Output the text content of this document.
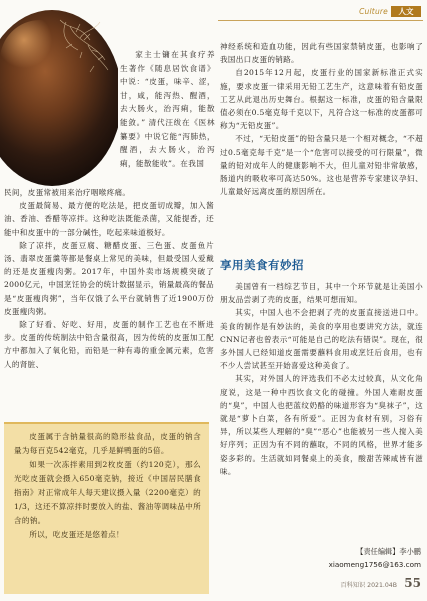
Culture	人文

家主士镛在其食疗养生著作《随息居饮食谱》中说：“皮蛋，味辛、涩，甘，咸，能泻热、醒酒，去大肠火，治泻痢，能散能敛。” 清代汪绂在《医林纂要》中说它能“泻肺热，醒酒，去大肠火，治泻痢，能散能收”。在我国

民间，皮蛋常被用来治疗咽喉疼痛。

皮蛋最简易、最方便的吃法是，把皮蛋切成瓣，加入酱油、香油、香醋等凉拌。这种吃法既能杀菌，又能提香，还能中和皮蛋中的一部分碱性，吃起来味道极好。

除了凉拌，皮蛋豆腐、糖醋皮蛋、三色蛋、皮蛋鱼片汤、翡翠皮蛋羹等都是餐桌上常见的美味，但最受国人爱戴的还是皮蛋瘦肉粥。2017年，中国外卖市场规模突破了2000亿元，中国烹饪协会的统计数据显示，销量最高的餐品是“皮蛋瘦肉粥”，当年仅饿了么平台就销售了近1900万份皮蛋瘦肉粥。

除了好看、好吃、好用，皮蛋的制作工艺也在不断进步。皮蛋的传统制法中铅含量很高，因为传统的皮蛋加工配方中都加入了氧化铅，而铅是一种有毒的重金属元素，危害人的肾脏、

皮蛋属于含钠量很高的隐形盐食品，皮蛋的钠含量为每百克542毫克，几乎是鲜鸭蛋的5倍。

如果一次冻拌素用到2枚皮蛋（约120克），那么光吃皮蛋就会摄入650毫克钠，接近《中国居民膳食指南》对正常成年人每天建议摄入量（2200毫克）的1/3，这还不算凉拌时要放入的盐、酱油等调味品中所含的钠。

所以，吃皮蛋还是悠着点！

神经系统和造血功能，因此有些国家禁销皮蛋，也影响了我国出口皮蛋的销路。

自2015年12月起，皮蛋行业的国家新标准正式实施，要求皮蛋一律采用无铅工艺生产，这意味着有铅皮蛋工艺从此退出历史舞台。根据这一标准，皮蛋的铅含量限值必须在0.5毫克每千克以下，凡符合这一标准的皮蛋都可称为“无铅皮蛋”。

不过，“无铅皮蛋”的铅含量只是一个相对概念，“不超过0.5毫克每千克”是一个“危害可以接受的可行限量”，微量的铅对成年人的健康影响不大，但儿童对铅非常敏感，肠道内的吸收率可高达50%。这也是营养专家建议孕妇、儿童最好远离皮蛋的原因所在。

享用美食有妙招

美国曾有一档综艺节目，其中一个环节就是让美国小朋友品尝剥了壳的皮蛋，结果可想而知。

其实，中国人也不会把剥了壳的皮蛋直接送进口中。美食的制作是有妙法的，美食的享用也要讲究方法，就连CNN记者也曾表示“可能是自己的吃法有错误”。现在，很多外国人已经知道皮蛋需要蘸料食用或烹饪后食用，也有不少人尝试甚至开始喜爱这种美食了。

其实，对外国人的评选我们不必太过较真，从文化角度说，这是一种中西饮食文化的碰撞。外国人难耐皮蛋的“臭”，中国人也把蓝纹奶酪的味道形容为“臭袜子”，这就是“萝卜白菜，各有所爱”。正因为食材有别，习俗有异，所以某些人理解的“臭”“恶心”也能被另一些人搅入美好序列；正因为有不同的蘸取，不同的风格，世界才能多姿多彩的。生活就如同餐桌上的美食，酸甜苦辣咸皆有滋味。

【责任编辑】李小鹏
xiaomeng1756@163.com
百科知识 2021.04B 55
